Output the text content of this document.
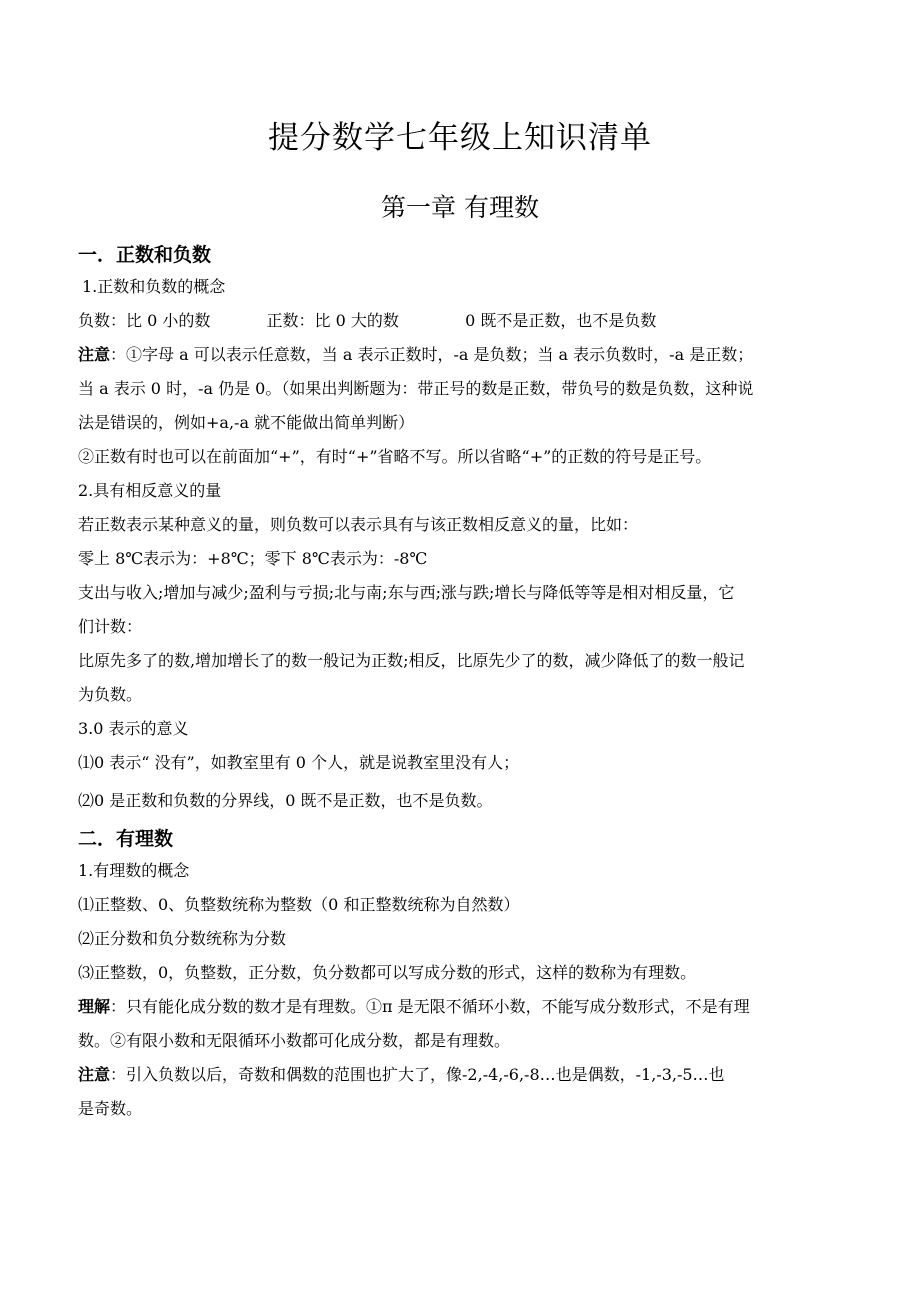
提分数学七年级上知识清单
第一章 有理数
一．正数和负数
1.正数和负数的概念
负数：比 0 小的数	正数：比 0 大的数	0 既不是正数，也不是负数
注意：①字母 a 可以表示任意数，当 a 表示正数时，-a 是负数；当 a 表示负数时，-a 是正数；
当 a 表示 0 时，-a 仍是 0。（如果出判断题为：带正号的数是正数，带负号的数是负数，这种说
法是错误的，例如+a,-a 就不能做出简单判断）
②正数有时也可以在前面加“+”，有时“+”省略不写。所以省略“+”的正数的符号是正号。
2.具有相反意义的量
若正数表示某种意义的量，则负数可以表示具有与该正数相反意义的量，比如：
零上 8℃表示为：+8℃；零下 8℃表示为：-8℃
支出与收入;增加与减少;盈利与亏损;北与南;东与西;涨与跌;增长与降低等等是相对相反量，它
们计数：
比原先多了的数,增加增长了的数一般记为正数;相反，比原先少了的数，减少降低了的数一般记
为负数。
3.0 表示的意义
⑴0 表示“ 没有”，如教室里有 0 个人，就是说教室里没有人；
⑵0 是正数和负数的分界线，0 既不是正数，也不是负数。
二．有理数
1.有理数的概念
⑴正整数、0、负整数统称为整数（0 和正整数统称为自然数）
⑵正分数和负分数统称为分数
⑶正整数，0，负整数，正分数，负分数都可以写成分数的形式，这样的数称为有理数。
理解：只有能化成分数的数才是有理数。①π 是无限不循环小数，不能写成分数形式，不是有理
数。②有限小数和无限循环小数都可化成分数，都是有理数。
注意：引入负数以后，奇数和偶数的范围也扩大了，像-2,-4,-6,-8…也是偶数，-1,-3,-5…也
是奇数。
